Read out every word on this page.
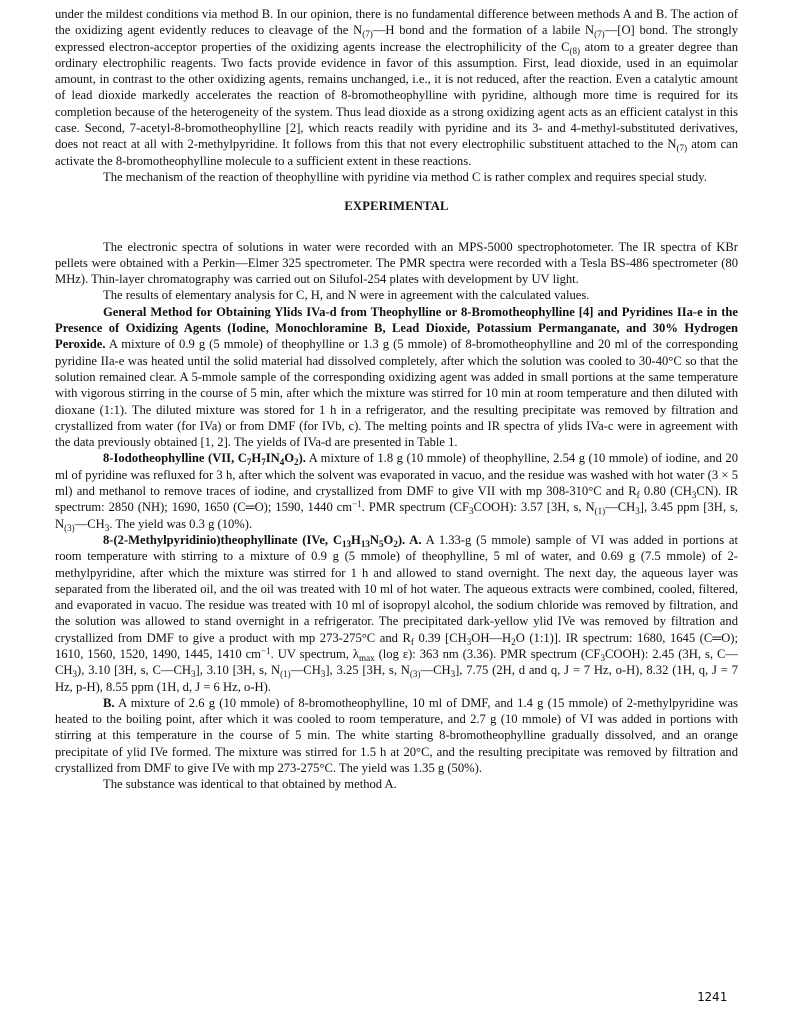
under the mildest conditions via method B. In our opinion, there is no fundamental difference between methods A and B. The action of the oxidizing agent evidently reduces to cleavage of the $N_{(7)}—H$ bond and the formation of a labile $N_{(7)}—[O]$ bond. The strongly expressed electron-acceptor properties of the oxidizing agents increase the electrophilicity of the $C_{(8)}$ atom to a greater degree than ordinary electrophilic reagents. Two facts provide evidence in favor of this assumption. First, lead dioxide, used in an equimolar amount, in contrast to the other oxidizing agents, remains unchanged, i.e., it is not reduced, after the reaction. Even a catalytic amount of lead dioxide markedly accelerates the reaction of 8-bromotheophylline with pyridine, although more time is required for its completion because of the heterogeneity of the system. Thus lead dioxide as a strong oxidizing agent acts as an efficient catalyst in this case. Second, 7-acetyl-8-bromotheophylline [2], which reacts readily with pyridine and its 3- and 4-methyl-substituted derivatives, does not react at all with 2-methylpyridine. It follows from this that not every electrophilic substituent attached to the $N_{(7)}$ atom can activate the 8-bromotheophylline molecule to a sufficient extent in these reactions.

The mechanism of the reaction of theophylline with pyridine via method C is rather complex and requires special study.

EXPERIMENTAL

The electronic spectra of solutions in water were recorded with an MPS-5000 spectrophotometer. The IR spectra of KBr pellets were obtained with a Perkin—Elmer 325 spectrometer. The PMR spectra were recorded with a Tesla BS-486 spectrometer (80 MHz). Thin-layer chromatography was carried out on Silufol-254 plates with development by UV light.

The results of elementary analysis for C, H, and N were in agreement with the calculated values.

General Method for Obtaining Ylids IVa-d from Theophylline or 8-Bromotheophylline [4] and Pyridines IIa-e in the Presence of Oxidizing Agents (Iodine, Monochloramine B, Lead Dioxide, Potassium Permanganate, and 30% Hydrogen Peroxide. A mixture of 0.9 g (5 mmole) of theophylline or 1.3 g (5 mmole) of 8-bromotheophylline and 20 ml of the corresponding pyridine IIa-e was heated until the solid material had dissolved completely, after which the solution was cooled to 30-40°C so that the solution remained clear. A 5-mmole sample of the corresponding oxidizing agent was added in small portions at the same temperature with vigorous stirring in the course of 5 min, after which the mixture was stirred for 10 min at room temperature and then diluted with dioxane (1:1). The diluted mixture was stored for 1 h in a refrigerator, and the resulting precipitate was removed by filtration and crystallized from water (for IVa) or from DMF (for IVb, c). The melting points and IR spectra of ylids IVa-c were in agreement with the data previously obtained [1, 2]. The yields of IVa-d are presented in Table 1.

8-Iodotheophylline (VII, $C_7H_7IN_4O_2$). A mixture of 1.8 g (10 mmole) of theophylline, 2.54 g (10 mmole) of iodine, and 20 ml of pyridine was refluxed for 3 h, after which the solvent was evaporated in vacuo, and the residue was washed with hot water (3 × 5 ml) and methanol to remove traces of iodine, and crystallized from DMF to give VII with mp 308-310°C and $R_f$ 0.80 $(CH_3CN)$. IR spectrum: 2850 (NH); 1690, 1650 (C═O); 1590, 1440 $cm^{-1}$. PMR spectrum $(CF_3COOH)$: 3.57 [3H, s, $N_{(1)}—CH_3$], 3.45 ppm [3H, s, $N_{(3)}—CH_3$. The yield was 0.3 g (10%).

8-(2-Methylpyridinio)theophyllinate (IVe, $C_{13}H_{13}N_5O_2$). A. A 1.33-g (5 mmole) sample of VI was added in portions at room temperature with stirring to a mixture of 0.9 g (5 mmole) of theophylline, 5 ml of water, and 0.69 g (7.5 mmole) of 2-methylpyridine, after which the mixture was stirred for 1 h and allowed to stand overnight. The next day, the aqueous layer was separated from the liberated oil, and the oil was treated with 10 ml of hot water. The aqueous extracts were combined, cooled, filtered, and evaporated in vacuo. The residue was treated with 10 ml of isopropyl alcohol, the sodium chloride was removed by filtration, and the solution was allowed to stand overnight in a refrigerator. The precipitated dark-yellow ylid IVe was removed by filtration and crystallized from DMF to give a product with mp 273-275°C and $R_f$ 0.39 [$CH_3OH—H_2O$ (1:1)]. IR spectrum: 1680, 1645 (C═O); 1610, 1560, 1520, 1490, 1445, 1410 $cm^{-1}$. UV spectrum, $\lambda_{max}$ (log ε): 363 nm (3.36). PMR spectrum $(CF_3COOH)$: 2.45 (3H, s, $C—CH_3$), 3.10 [3H, s, $C—CH_3$], 3.10 [3H, s, $N_{(1)}—CH_3$], 3.25 [3H, s, $N_{(3)}—CH_3$], 7.75 (2H, d and q, J = 7 Hz, o-H), 8.32 (1H, q, J = 7 Hz, p-H), 8.55 ppm (1H, d, J = 6 Hz, o-H).

B. A mixture of 2.6 g (10 mmole) of 8-bromotheophylline, 10 ml of DMF, and 1.4 g (15 mmole) of 2-methylpyridine was heated to the boiling point, after which it was cooled to room temperature, and 2.7 g (10 mmole) of VI was added in portions with stirring at this temperature in the course of 5 min. The white starting 8-bromotheophylline gradually dissolved, and an orange precipitate of ylid IVe formed. The mixture was stirred for 1.5 h at 20°C, and the resulting precipitate was removed by filtration and crystallized from DMF to give IVe with mp 273-275°C. The yield was 1.35 g (50%).

The substance was identical to that obtained by method A.

1241
